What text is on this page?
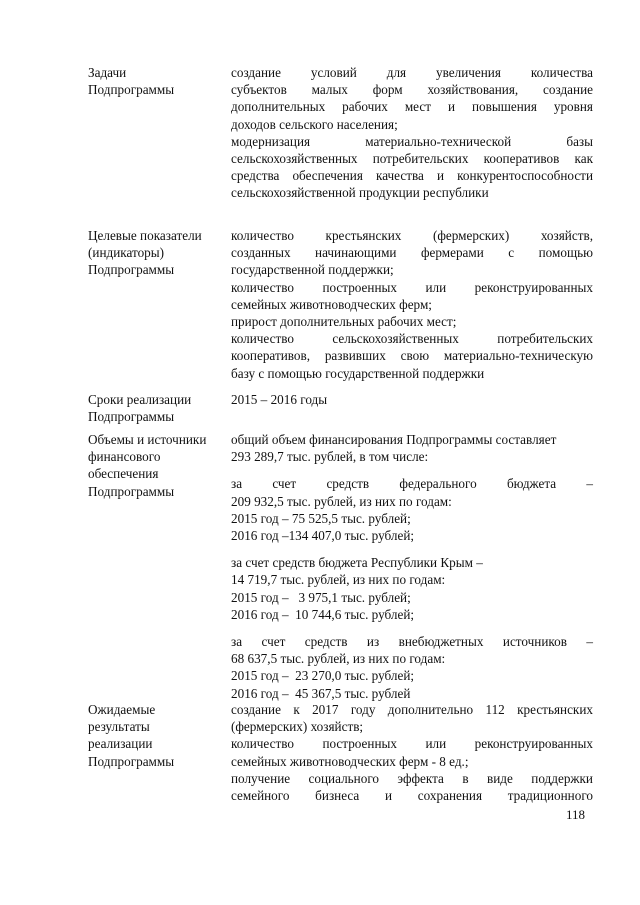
Задачи
Подпрограммы
создание условий для увеличения количества
субъектов малых форм хозяйствования, создание
дополнительных рабочих мест и повышения уровня
доходов сельского населения;
модернизация материально-технической базы
сельскохозяйственных потребительских кооперативов как
средства обеспечения качества и конкурентоспособности
сельскохозяйственной продукции республики
Целевые показатели
(индикаторы)
Подпрограммы
количество крестьянских (фермерских) хозяйств,
созданных начинающими фермерами с помощью
государственной поддержки;
количество построенных или реконструированных
семейных животноводческих ферм;
прирост дополнительных рабочих мест;
количество сельскохозяйственных потребительских
кооперативов, развивших свою материально-техническую
базу с помощью государственной поддержки
Сроки реализации
Подпрограммы
2015 – 2016 годы
Объемы и источники
финансового
обеспечения
Подпрограммы
общий объем финансирования Подпрограммы составляет
293 289,7 тыс. рублей, в том числе:
за счет средств федерального бюджета –
209 932,5 тыс. рублей, из них по годам:
2015 год – 75 525,5 тыс. рублей;
2016 год –134 407,0 тыс. рублей;
за счет средств бюджета Республики Крым –
14 719,7 тыс. рублей, из них по годам:
2015 год –   3 975,1 тыс. рублей;
2016 год –  10 744,6 тыс. рублей;
за счет средств из внебюджетных источников –
68 637,5 тыс. рублей, из них по годам:
2015 год –  23 270,0 тыс. рублей;
2016 год –  45 367,5 тыс. рублей
Ожидаемые
результаты
реализации
Подпрограммы
создание к 2017 году дополнительно 112 крестьянских
(фермерских) хозяйств;
количество построенных или реконструированных
семейных животноводческих ферм - 8 ед.;
получение социального эффекта в виде поддержки
семейного бизнеса и сохранения традиционного
118
